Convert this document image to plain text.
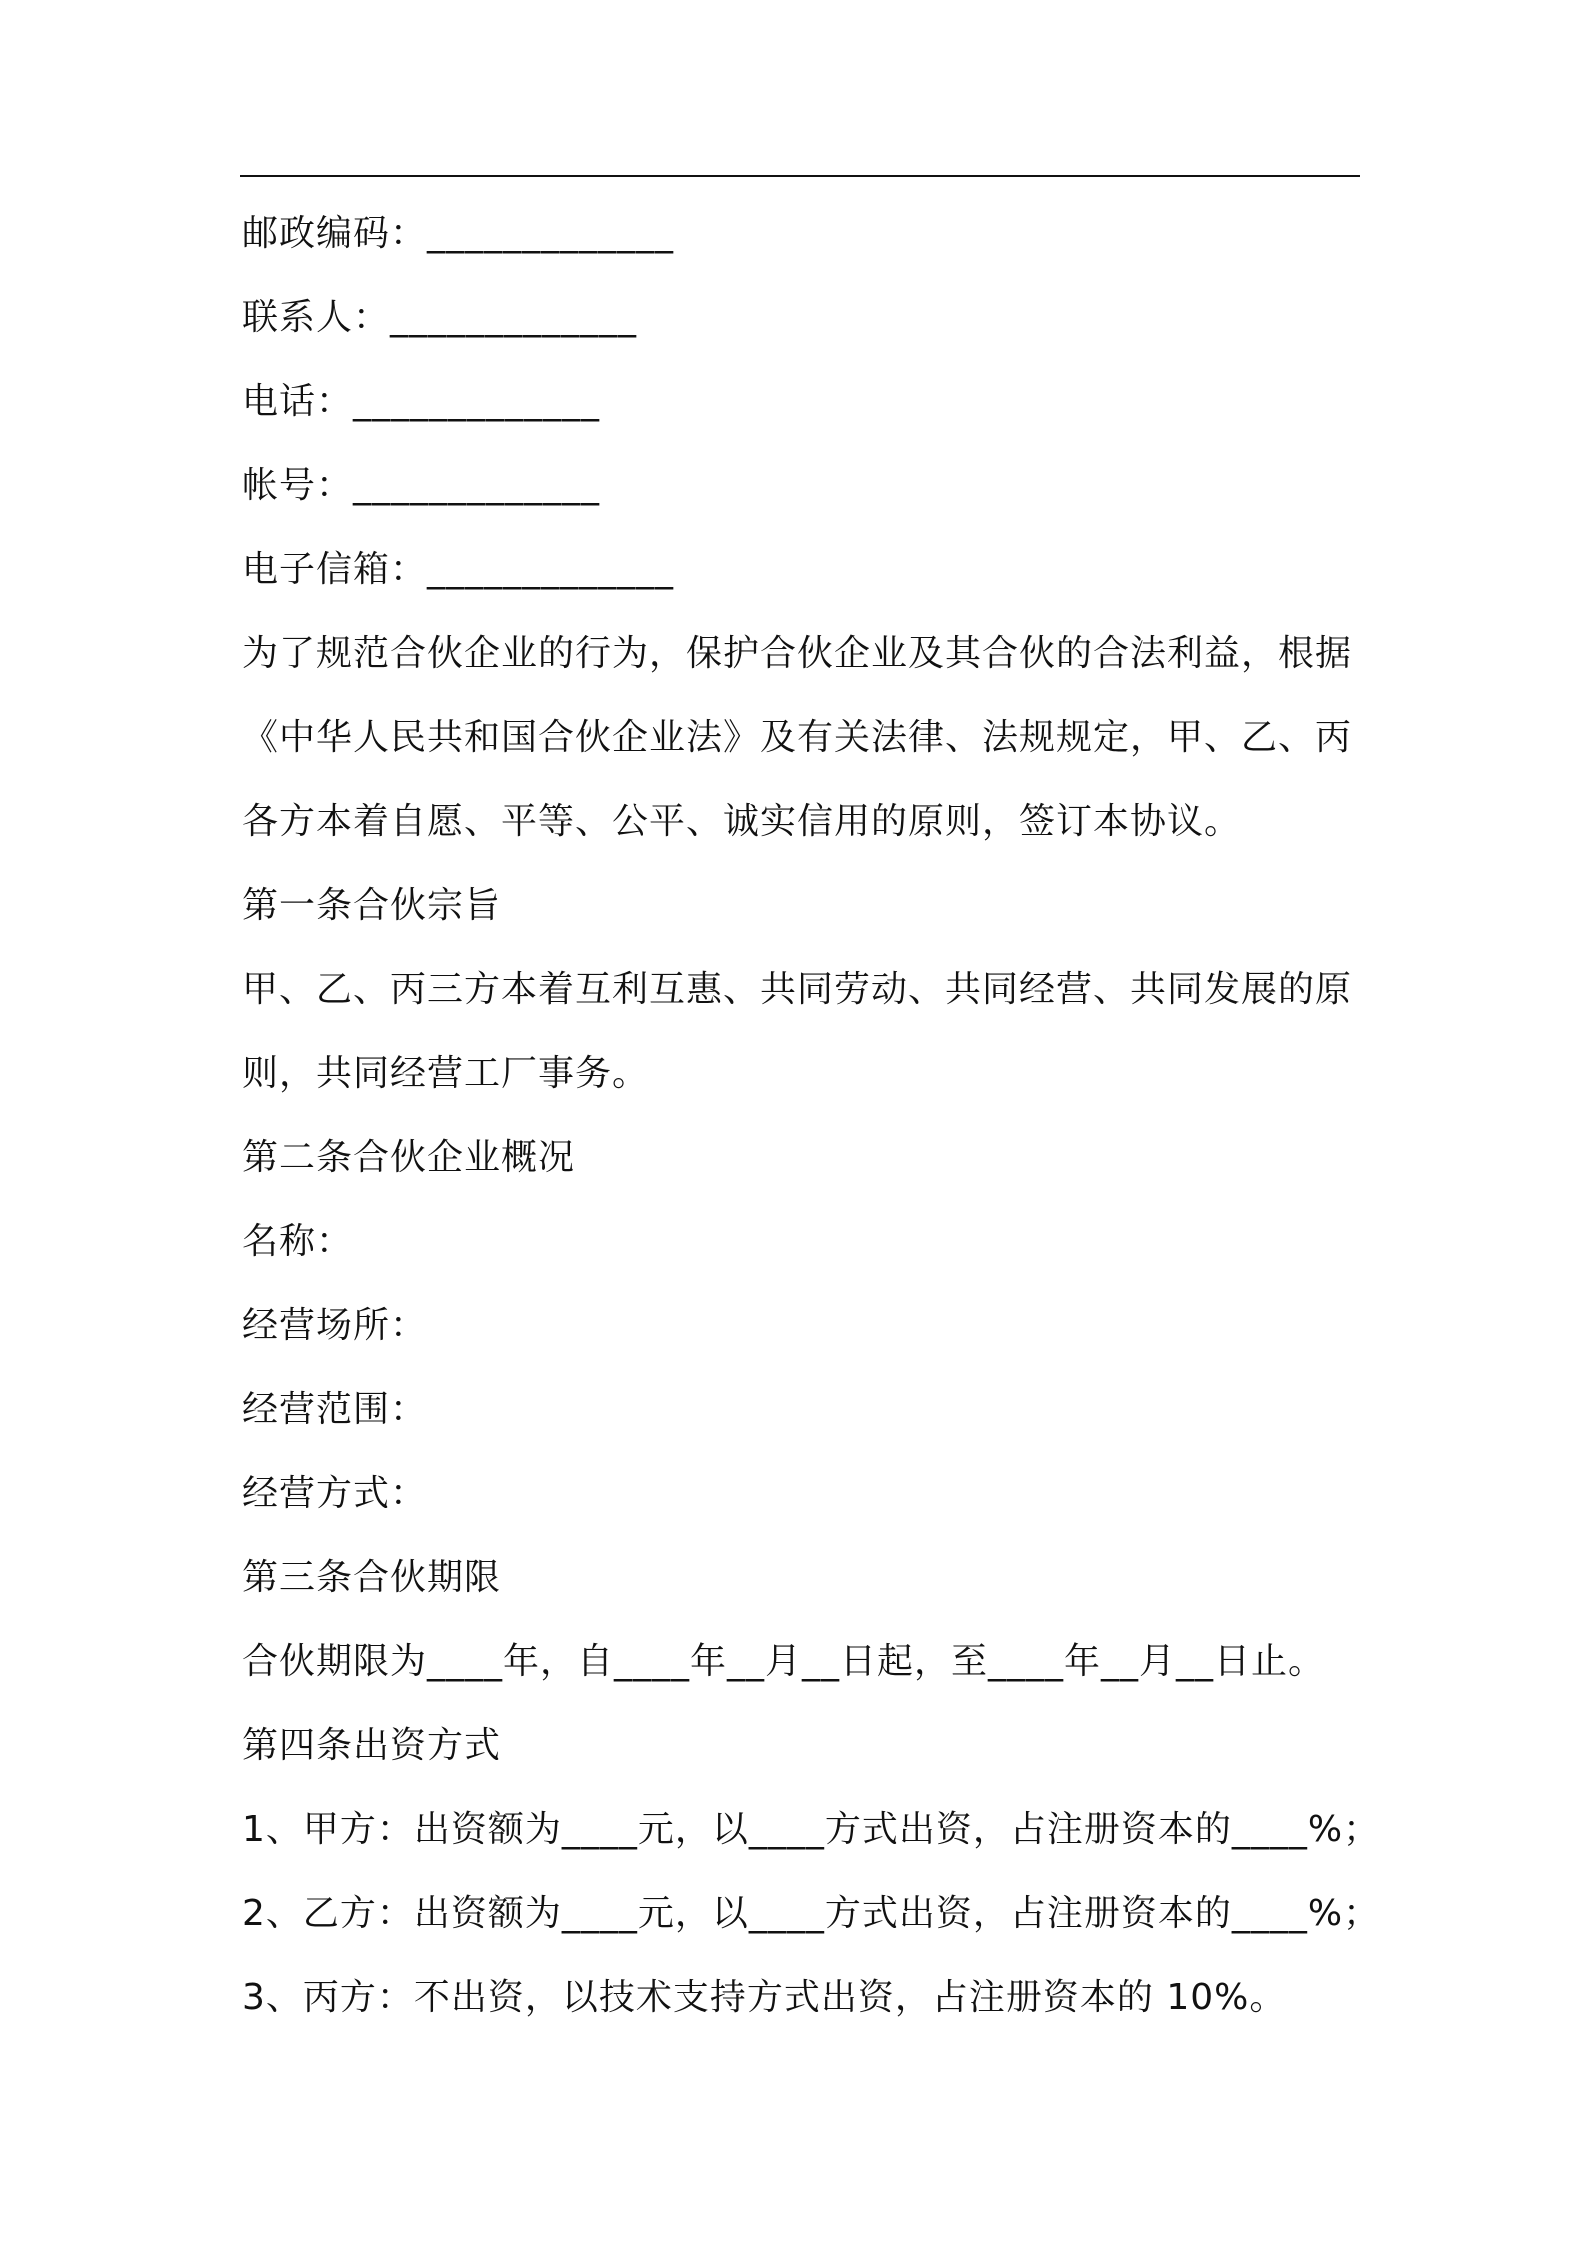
邮政编码：_____________
联系人：_____________
电话：_____________
帐号：_____________
电子信箱：_____________
为了规范合伙企业的行为，保护合伙企业及其合伙的合法利益，根据
《中华人民共和国合伙企业法》及有关法律、法规规定，甲、乙、丙
各方本着自愿、平等、公平、诚实信用的原则，签订本协议。
第一条合伙宗旨
甲、乙、丙三方本着互利互惠、共同劳动、共同经营、共同发展的原
则，共同经营工厂事务。
第二条合伙企业概况
名称：
经营场所：
经营范围：
经营方式：
第三条合伙期限
合伙期限为____年，自____年__月__日起，至____年__月__日止。
第四条出资方式
1、甲方：出资额为____元，以____方式出资，占注册资本的____%；
2、乙方：出资额为____元，以____方式出资，占注册资本的____%；
3、丙方：不出资，以技术支持方式出资，占注册资本的 10%。
